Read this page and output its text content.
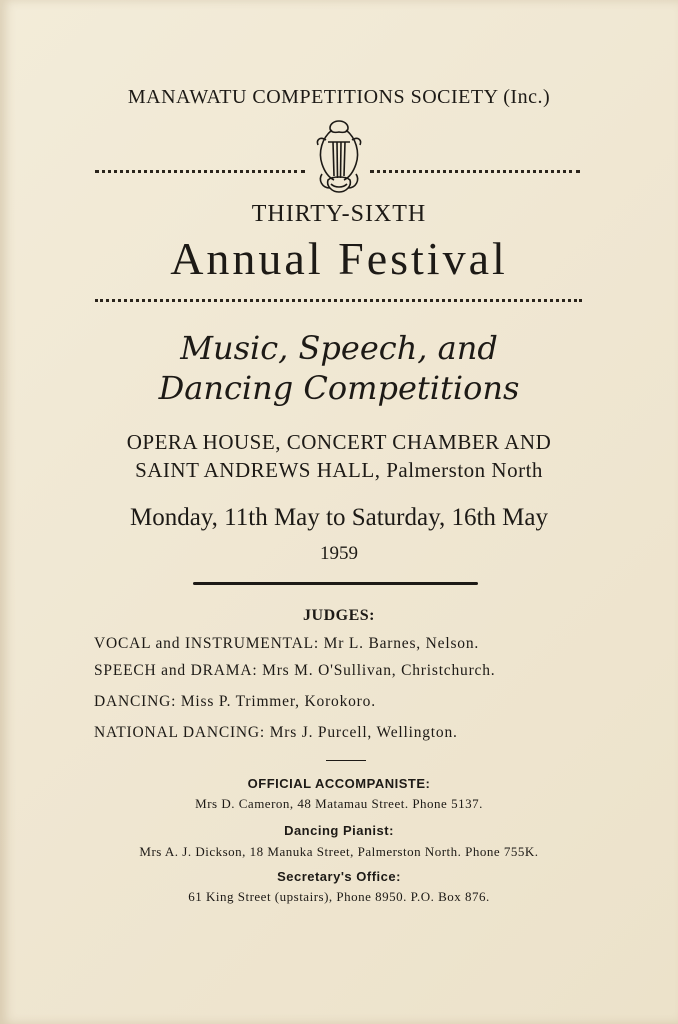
MANAWATU COMPETITIONS SOCIETY (Inc.)
THIRTY-SIXTH
Annual Festival
Music, Speech, and
Dancing Competitions
OPERA HOUSE, CONCERT CHAMBER AND
SAINT ANDREWS HALL, Palmerston North
Monday, 11th May to Saturday, 16th May
1959
JUDGES:
VOCAL and INSTRUMENTAL: Mr L. Barnes, Nelson.
SPEECH and DRAMA: Mrs M. O'Sullivan, Christchurch.
DANCING: Miss P. Trimmer, Korokoro.
NATIONAL DANCING: Mrs J. Purcell, Wellington.
OFFICIAL ACCOMPANISTE:
Mrs D. Cameron, 48 Matamau Street. Phone 5137.
Dancing Pianist:
Mrs A. J. Dickson, 18 Manuka Street, Palmerston North. Phone 755K.
Secretary's Office:
61 King Street (upstairs), Phone 8950. P.O. Box 876.
